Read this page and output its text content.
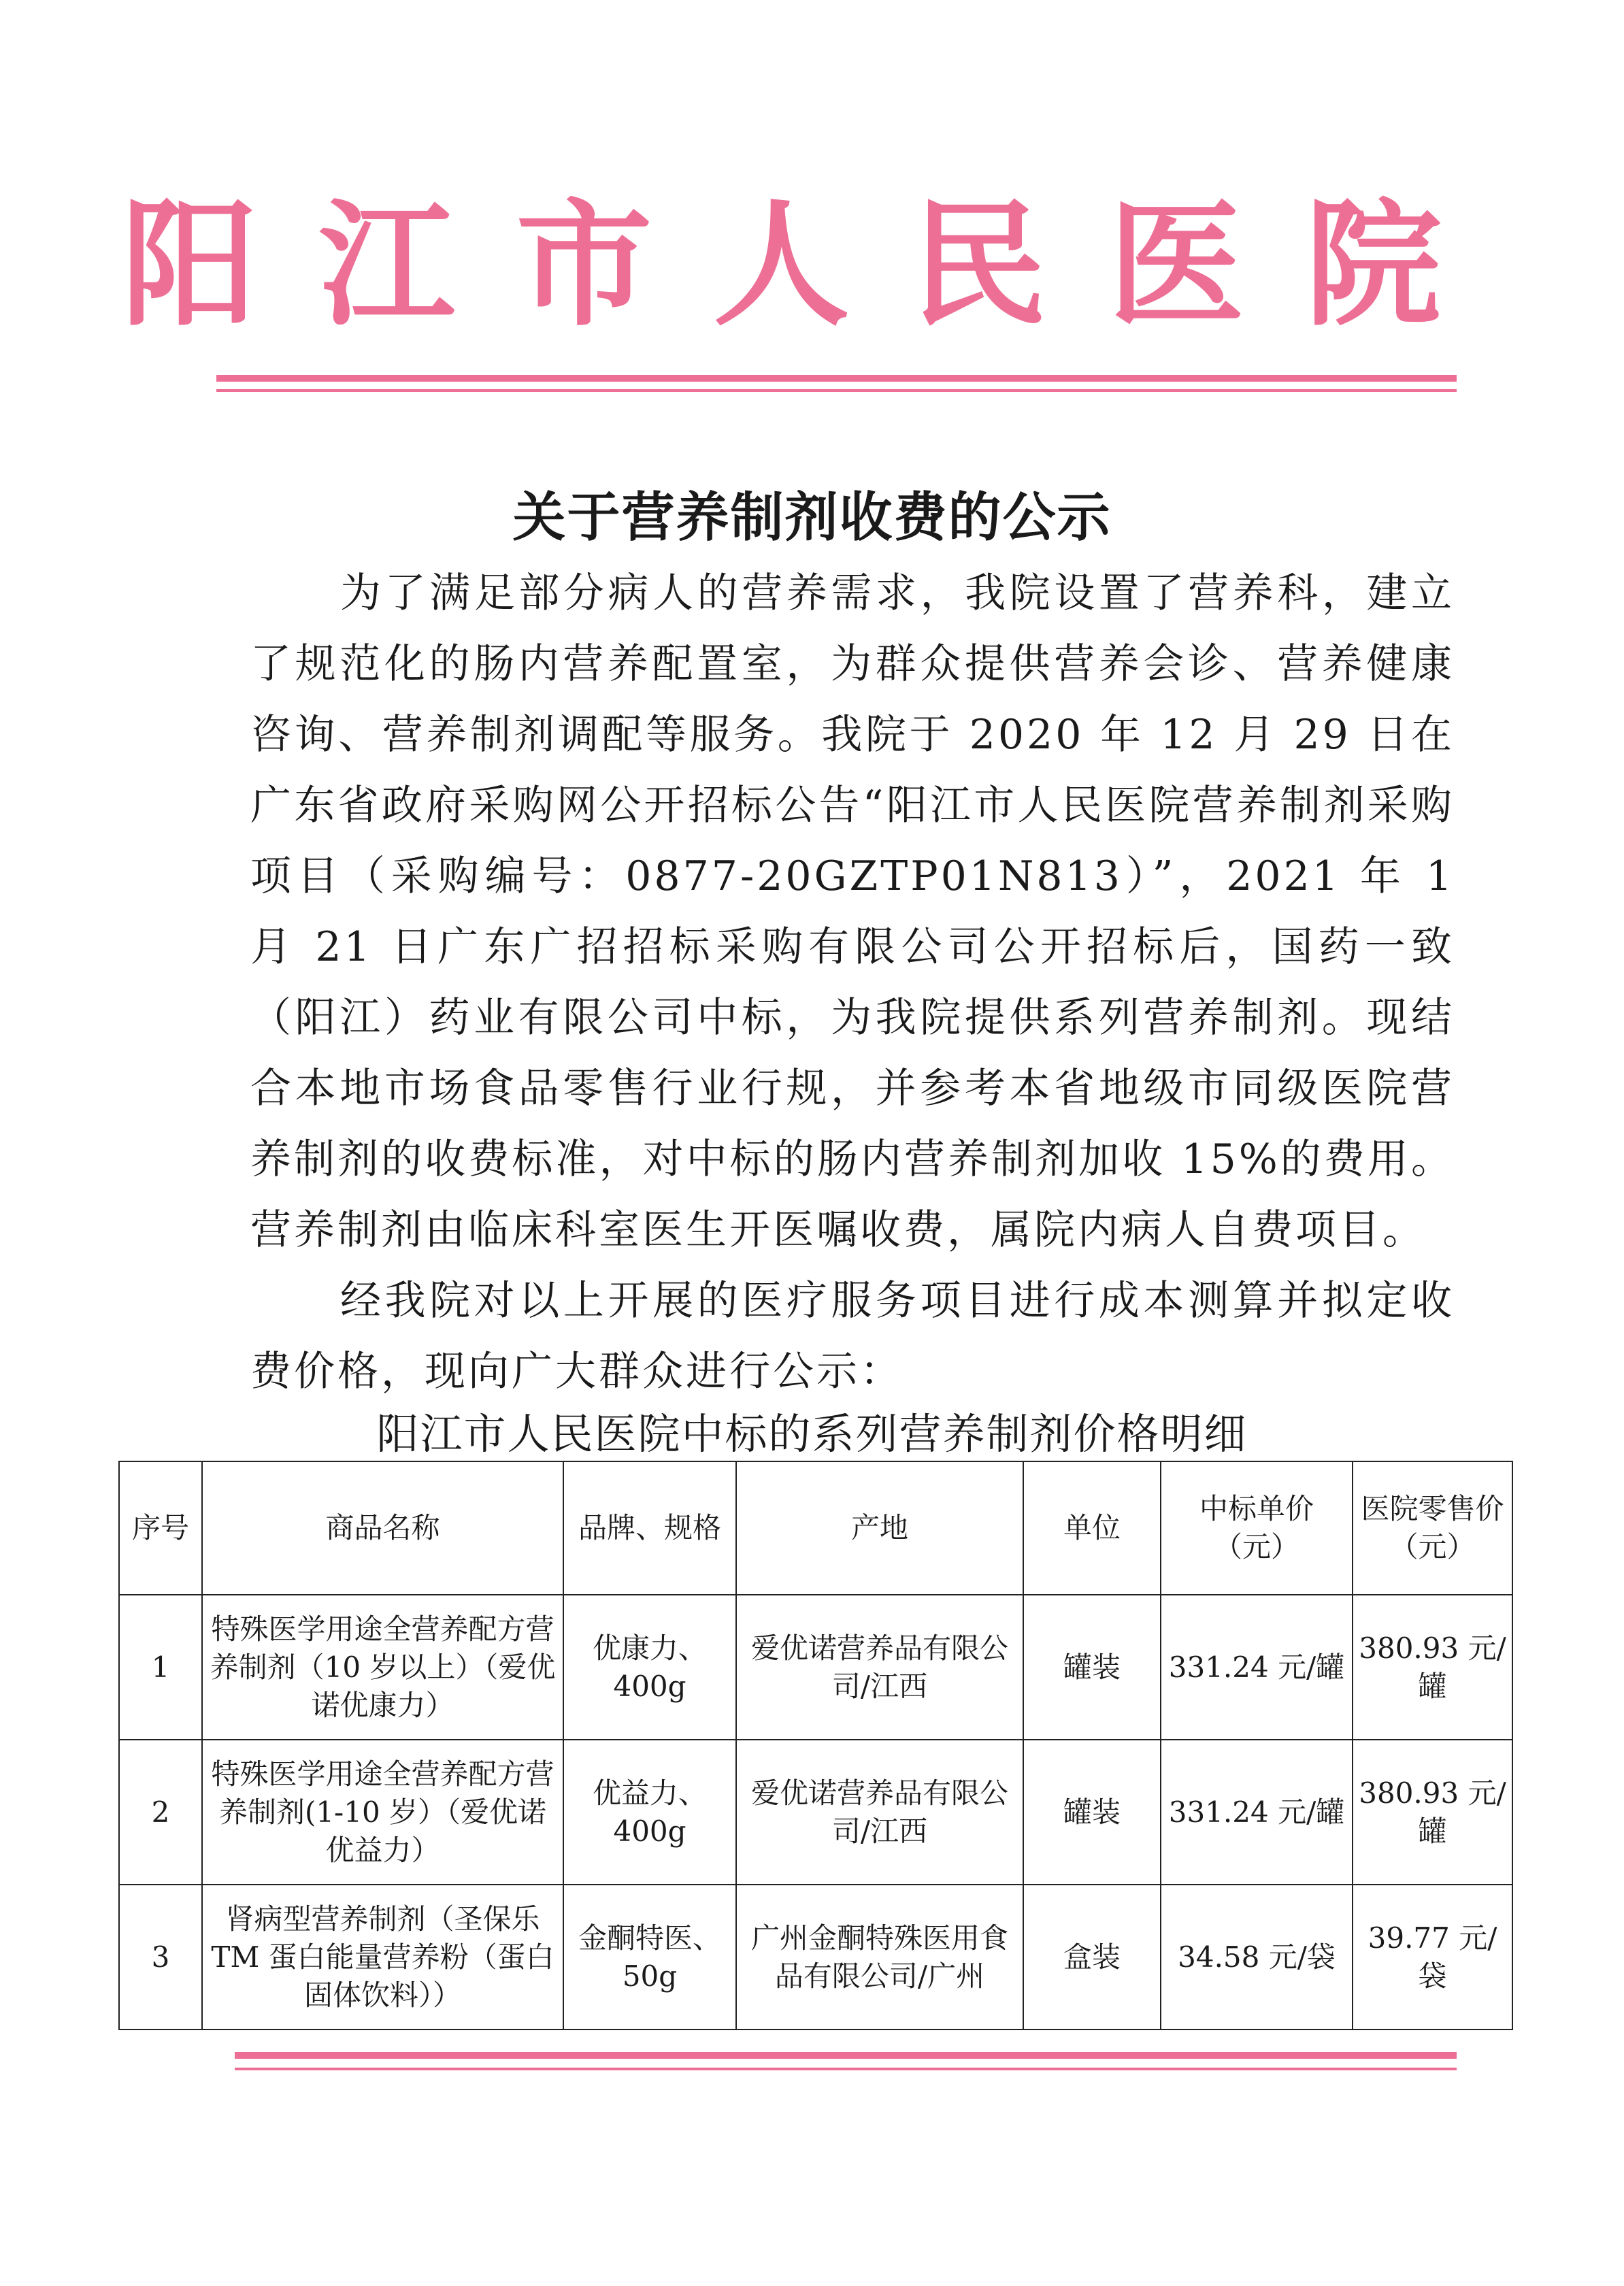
阳江市人民医院
关于营养制剂收费的公示

为了满足部分病人的营养需求，我院设置了营养科，建立了规范化的肠内营养配置室，为群众提供营养会诊、营养健康咨询、营养制剂调配等服务。我院于 2020 年 12 月 29 日在广东省政府采购网公开招标公告“阳江市人民医院营养制剂采购项目（采购编号：0877-20GZTP01N813）”，2021 年 1 月 21 日广东广招招标采购有限公司公开招标后，国药一致（阳江）药业有限公司中标，为我院提供系列营养制剂。现结合本地市场食品零售行业行规，并参考本省地级市同级医院营养制剂的收费标准，对中标的肠内营养制剂加收 15%的费用。营养制剂由临床科室医生开医嘱收费，属院内病人自费项目。

经我院对以上开展的医疗服务项目进行成本测算并拟定收费价格，现向广大群众进行公示：

阳江市人民医院中标的系列营养制剂价格明细
序号	商品名称	品牌、规格	产地	单位	中标单价（元）	医院零售价（元）
1	特殊医学用途全营养配方营养制剂（10 岁以上）（爱优诺优康力）	优康力、400g	爱优诺营养品有限公司/江西	罐装	331.24 元/罐	380.93 元/罐
2	特殊医学用途全营养配方营养制剂(1-10 岁）（爱优诺优益力）	优益力、400g	爱优诺营养品有限公司/江西	罐装	331.24 元/罐	380.93 元/罐
3	肾病型营养制剂（圣保乐 TM 蛋白能量营养粉（蛋白固体饮料））	金酮特医、50g	广州金酮特殊医用食品有限公司/广州	盒装	34.58 元/袋	39.77 元/袋
